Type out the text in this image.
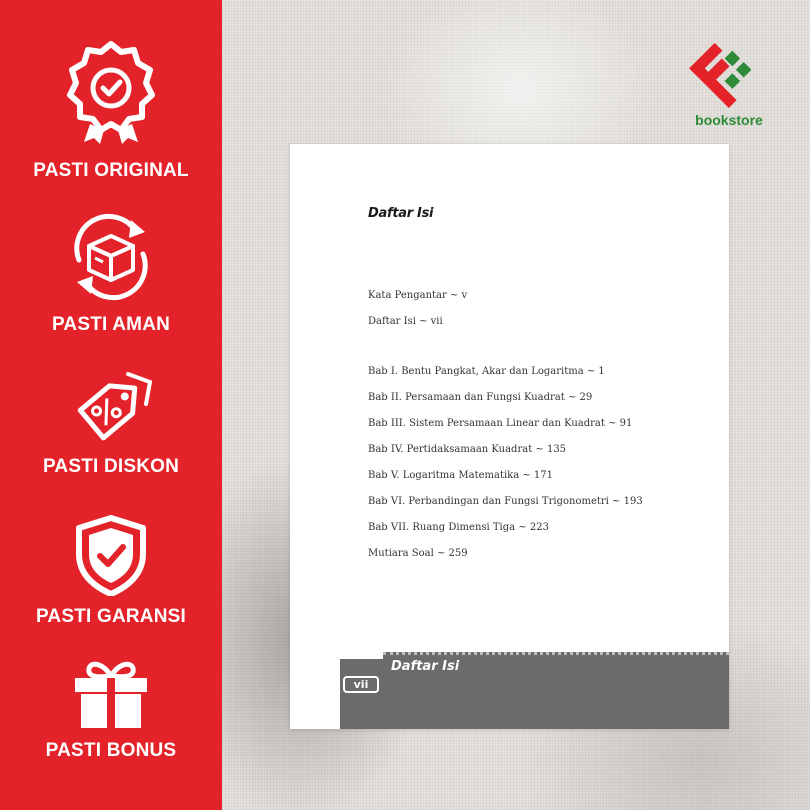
PASTI ORIGINAL
PASTI AMAN
PASTI DISKON
PASTI GARANSI
PASTI BONUS
bookstore
Daftar Isi
Kata Pengantar ~ v
Daftar Isi ~ vii
Bab I. Bentu Pangkat, Akar dan Logaritma ~ 1
Bab II. Persamaan dan Fungsi Kuadrat ~ 29
Bab III. Sistem Persamaan Linear dan Kuadrat ~ 91
Bab IV. Pertidaksamaan Kuadrat ~ 135
Bab V. Logaritma Matematika ~ 171
Bab VI. Perbandingan dan Fungsi Trigonometri ~ 193
Bab VII. Ruang Dimensi Tiga ~ 223
Mutiara Soal ~ 259
vii
Daftar Isi
